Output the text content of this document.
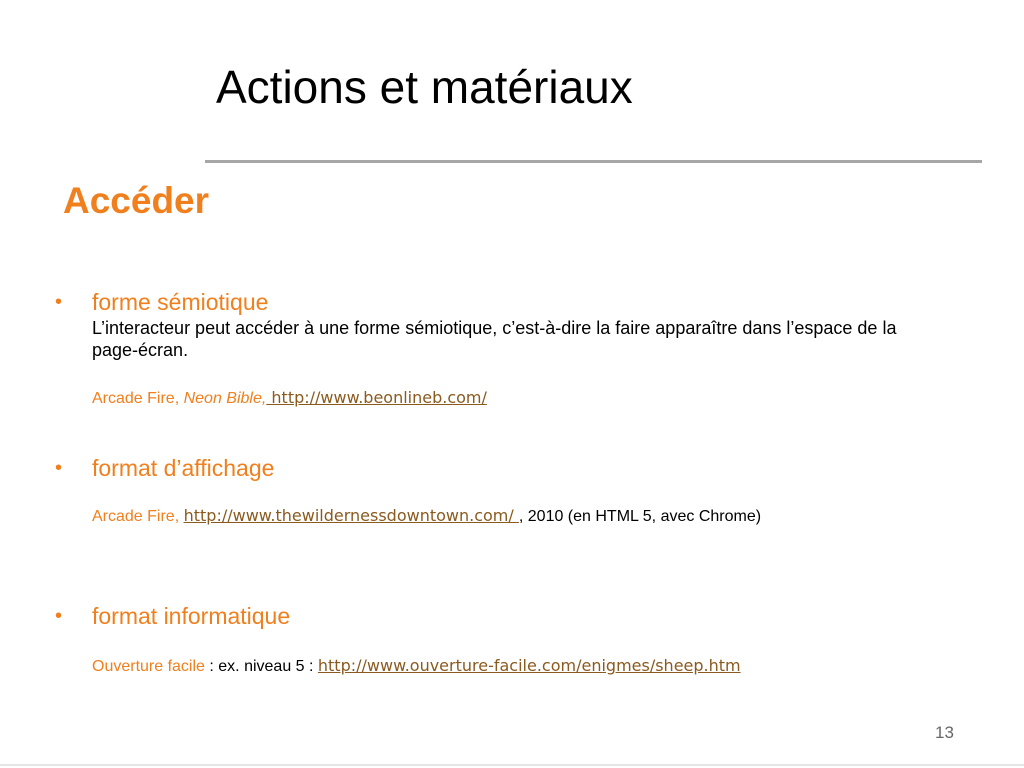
Actions et matériaux
Accéder
• forme sémiotique
L’interacteur peut accéder à une forme sémiotique, c’est-à-dire la faire apparaître dans l’espace de la page-écran.
Arcade Fire, Neon Bible, http://www.beonlineb.com/
• format d’affichage
Arcade Fire, http://www.thewildernessdowntown.com/ , 2010 (en HTML 5, avec Chrome)
• format informatique
Ouverture facile : ex. niveau 5 : http://www.ouverture-facile.com/enigmes/sheep.htm
13
